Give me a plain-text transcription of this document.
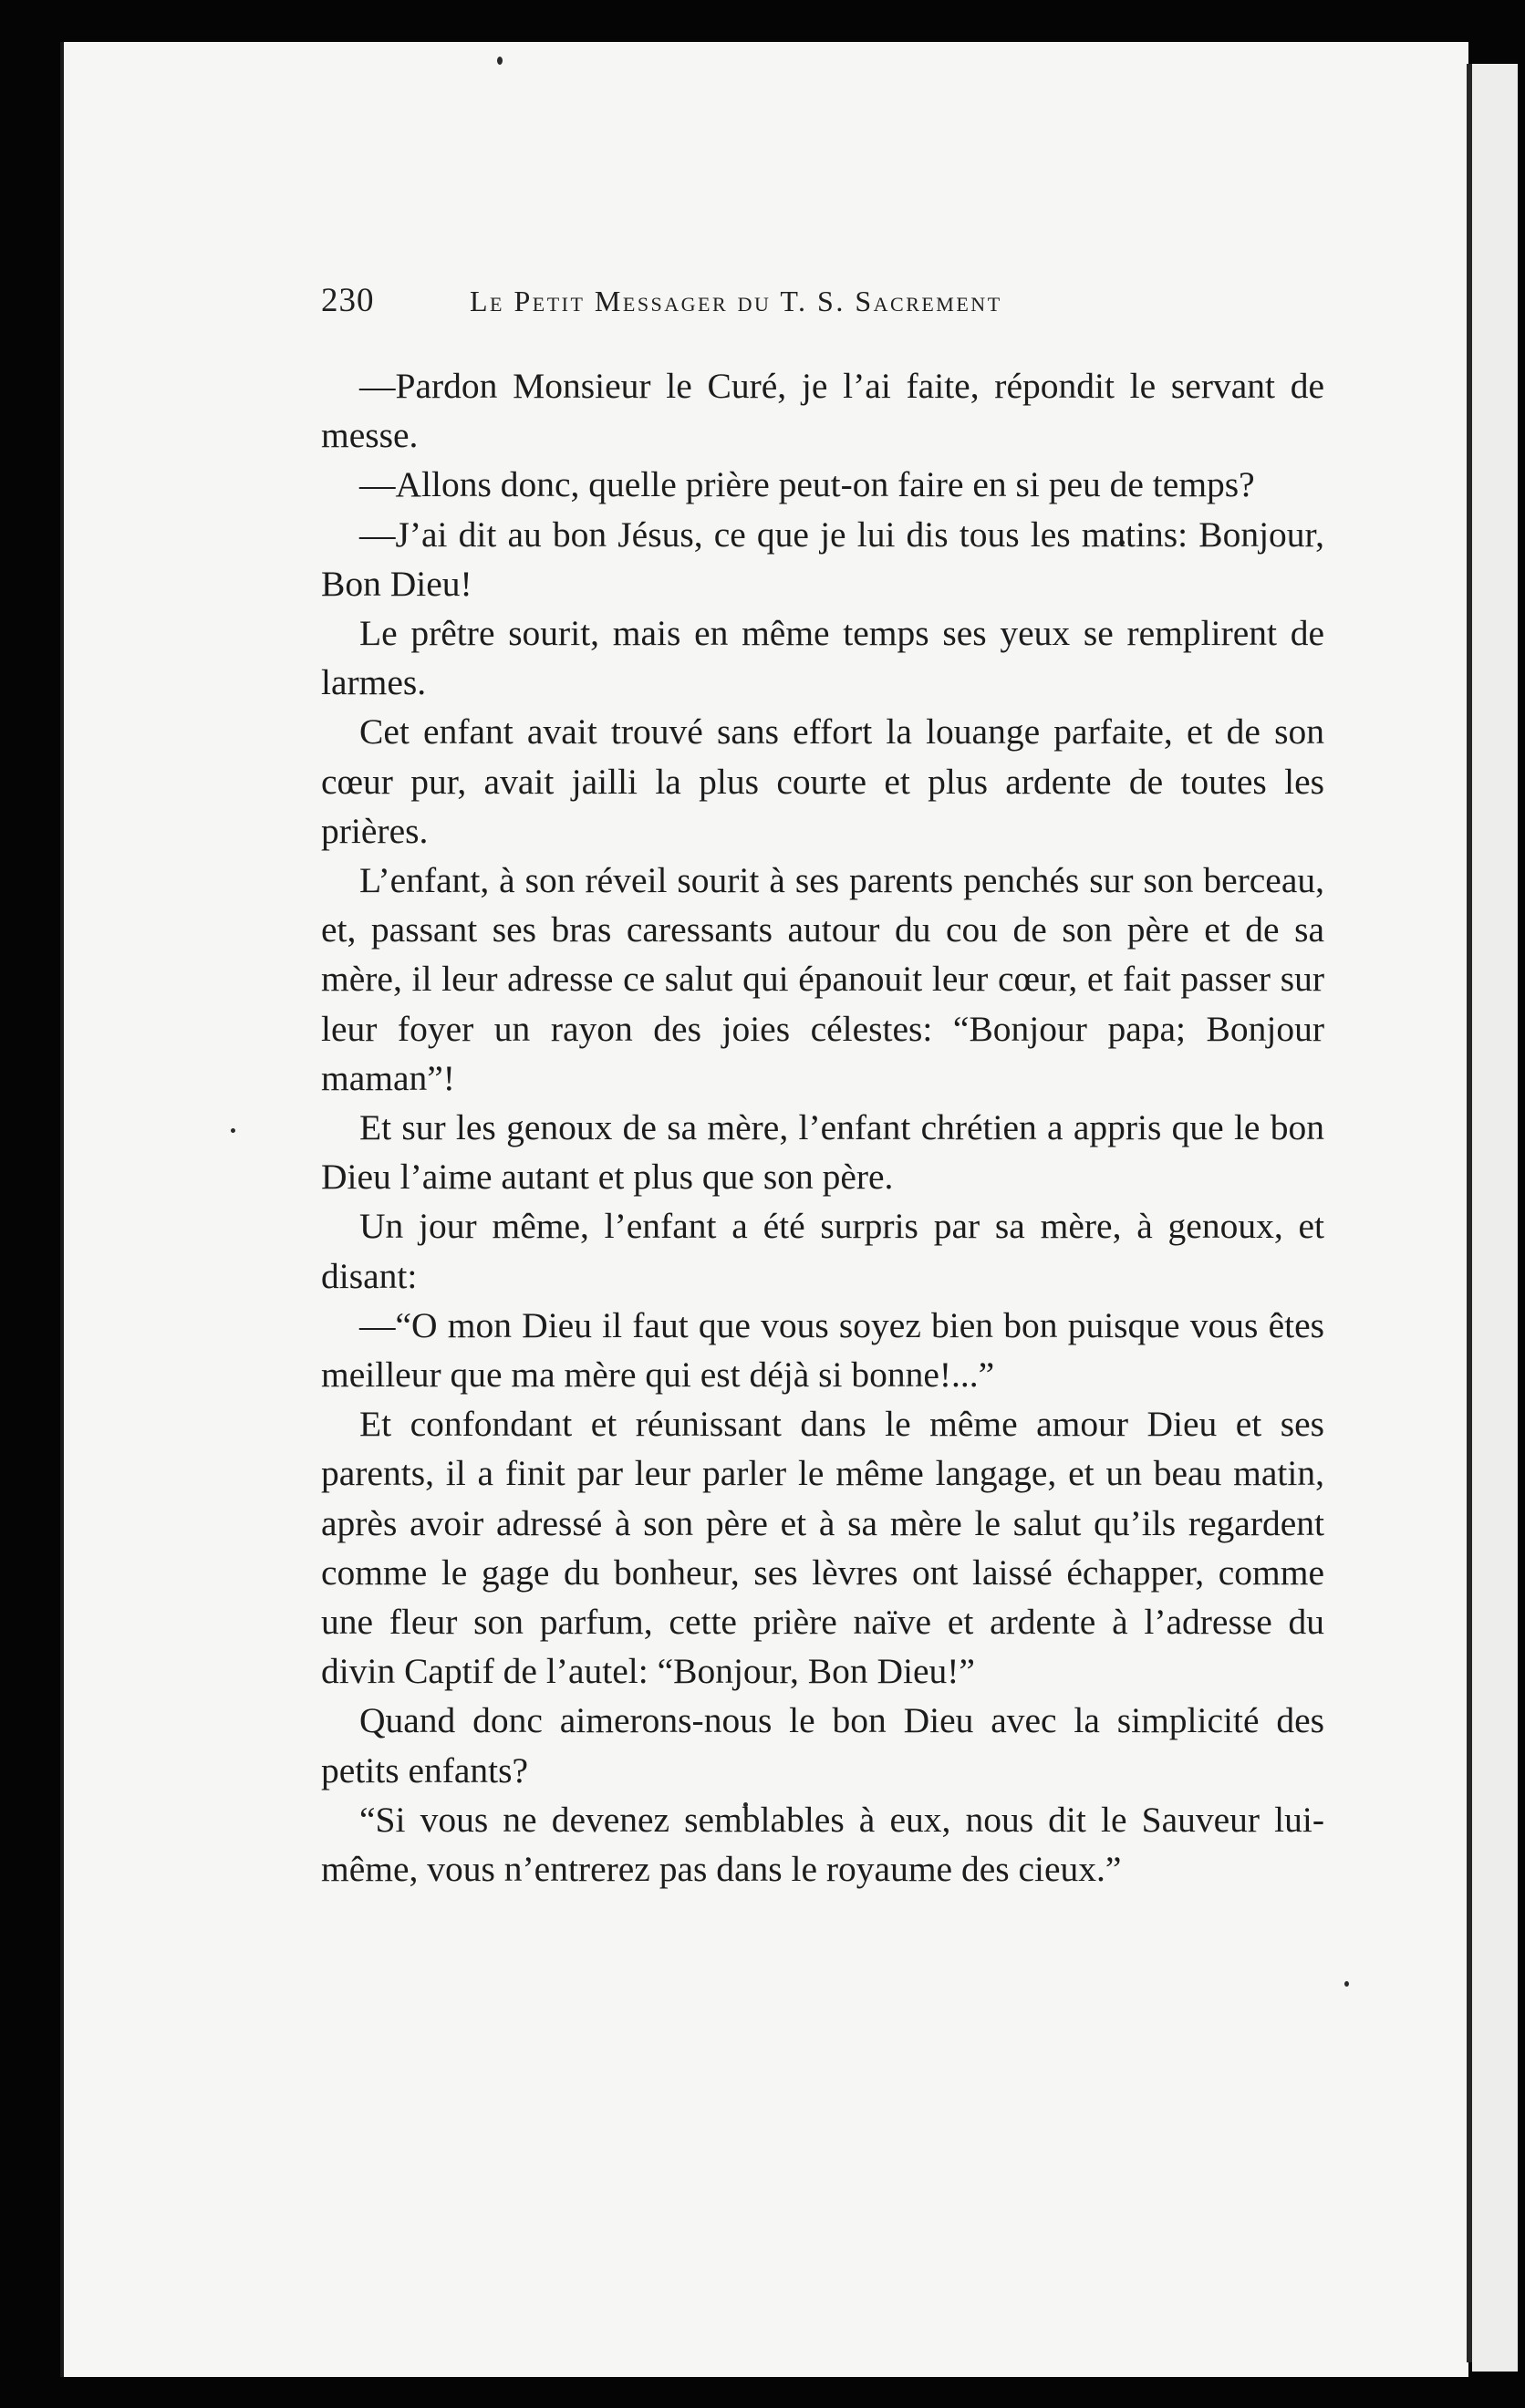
230	Le Petit Messager du T. S. Sacrement

—Pardon Monsieur le Curé, je l’ai faite, répondit le servant de messe.

—Allons donc, quelle prière peut-on faire en si peu de temps?

—J’ai dit au bon Jésus, ce que je lui dis tous les matins: Bonjour, Bon Dieu!

Le prêtre sourit, mais en même temps ses yeux se remplirent de larmes.

Cet enfant avait trouvé sans effort la louange parfaite, et de son cœur pur, avait jailli la plus courte et plus ardente de toutes les prières.

L’enfant, à son réveil sourit à ses parents penchés sur son berceau, et, passant ses bras caressants autour du cou de son père et de sa mère, il leur adresse ce salut qui épanouit leur cœur, et fait passer sur leur foyer un rayon des joies célestes: “Bonjour papa; Bonjour maman”!

Et sur les genoux de sa mère, l’enfant chrétien a appris que le bon Dieu l’aime autant et plus que son père.

Un jour même, l’enfant a été surpris par sa mère, à genoux, et disant:

—“O mon Dieu il faut que vous soyez bien bon puisque vous êtes meilleur que ma mère qui est déjà si bonne!...”

Et confondant et réunissant dans le même amour Dieu et ses parents, il a finit par leur parler le même langage, et un beau matin, après avoir adressé à son père et à sa mère le salut qu’ils regardent comme le gage du bonheur, ses lèvres ont laissé échapper, comme une fleur son parfum, cette prière naïve et ardente à l’adresse du divin Captif de l’autel: “Bonjour, Bon Dieu!”

Quand donc aimerons-nous le bon Dieu avec la simplicité des petits enfants?

“Si vous ne devenez semblables à eux, nous dit le Sauveur lui-même, vous n’entrerez pas dans le royaume des cieux.”
